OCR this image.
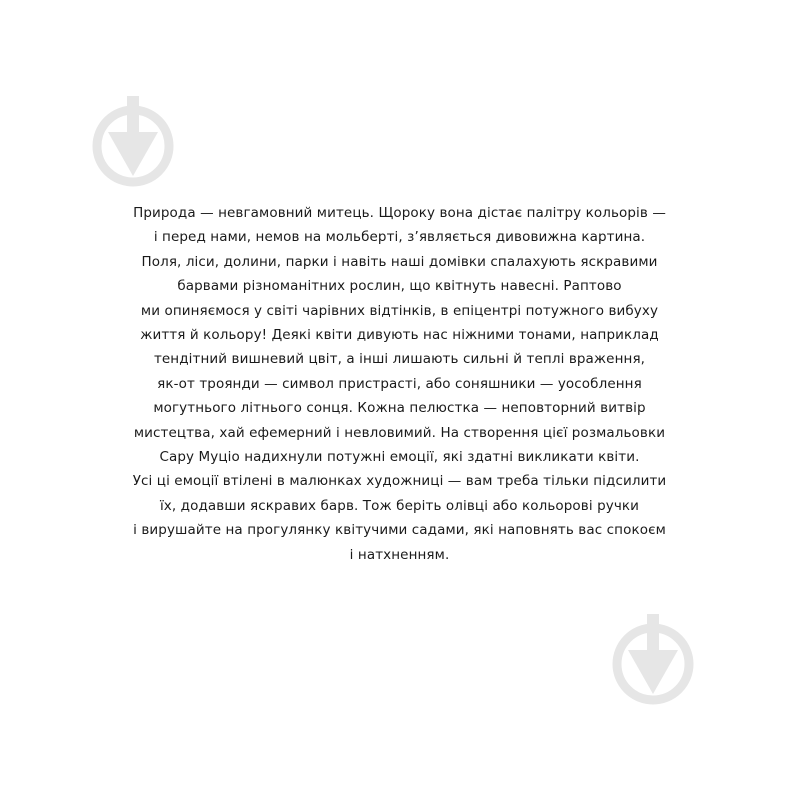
Природа — невгамовний митець. Щороку вона дістає палітру кольорів —
і перед нами, немов на мольберті, з’являється дивовижна картина.
Поля, ліси, долини, парки і навіть наші домівки спалахують яскравими
барвами різноманітних рослин, що квітнуть навесні. Раптово
ми опиняємося у світі чарівних відтінків, в епіцентрі потужного вибуху
життя й кольору! Деякі квіти дивують нас ніжними тонами, наприклад
тендітний вишневий цвіт, а інші лишають сильні й теплі враження,
як-от троянди — символ пристрасті, або соняшники — уособлення
могутнього літнього сонця. Кожна пелюстка — неповторний витвір
мистецтва, хай ефемерний і невловимий. На створення цієї розмальовки
Сару Муціо надихнули потужні емоції, які здатні викликати квіти.
Усі ці емоції втілені в малюнках художниці — вам треба тільки підсилити
їх, додавши яскравих барв. Тож беріть олівці або кольорові ручки
і вирушайте на прогулянку квітучими садами, які наповнять вас спокоєм
і натхненням.
